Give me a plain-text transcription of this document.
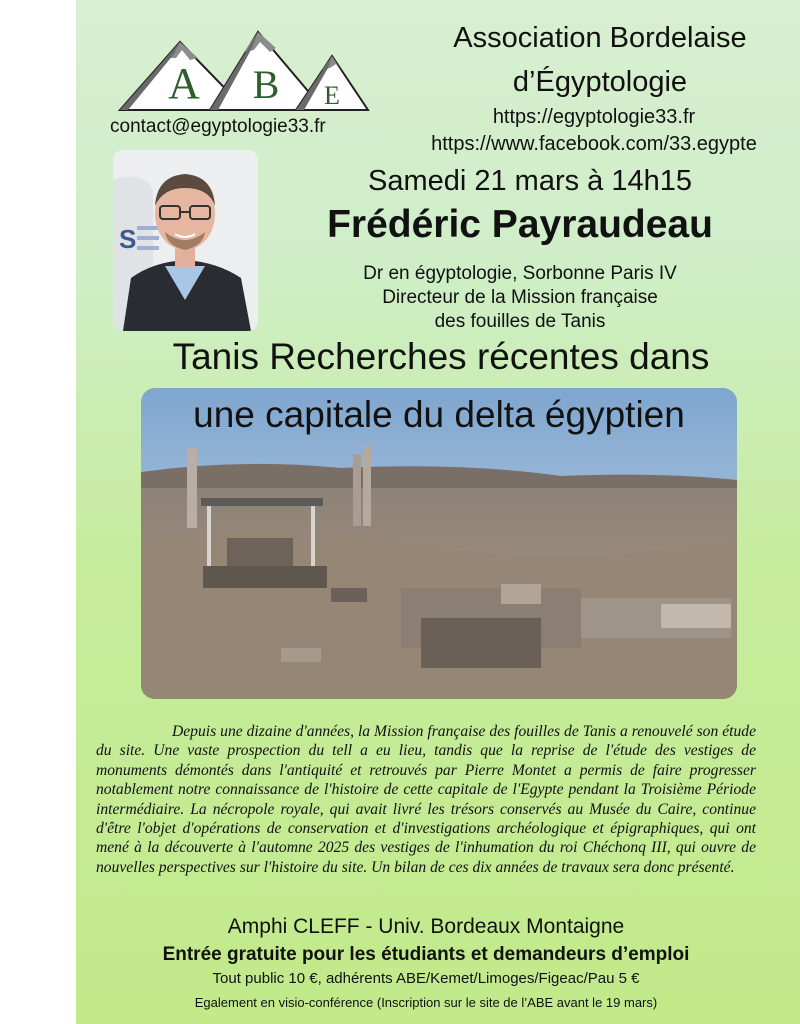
A B E
contact@egyptologie33.fr
Association Bordelaise
d’Égyptologie
https://egyptologie33.fr
https://www.facebook.com/33.egypte
S
Samedi 21 mars à 14h15
Frédéric Payraudeau
Dr en égyptologie, Sorbonne Paris IV
Directeur de la Mission française
des fouilles de Tanis
Tanis Recherches récentes dans
une capitale du delta égyptien
Depuis une dizaine d'années, la Mission française des fouilles de Tanis a renouvelé son étude du site. Une vaste prospection du tell a eu lieu, tandis que la reprise de l'étude des vestiges de monuments démontés dans l'antiquité et retrouvés par Pierre Montet a permis de faire progresser notablement notre connaissance de l'histoire de cette capitale de l'Egypte pendant la Troisième Période intermédiaire. La nécropole royale, qui avait livré les trésors conservés au Musée du Caire, continue d'être l'objet d'opérations de conservation et d'investigations archéologique et épigraphiques, qui ont mené à la découverte à l'automne 2025 des vestiges de l'inhumation du roi Chéchonq III, qui ouvre de nouvelles perspectives sur l'histoire du site. Un bilan de ces dix années de travaux sera donc présenté.
Amphi CLEFF - Univ. Bordeaux Montaigne
Entrée gratuite pour les étudiants et demandeurs d’emploi
Tout public 10 €, adhérents ABE/Kemet/Limoges/Figeac/Pau 5 €
Egalement en visio-conférence (Inscription sur le site de l’ABE avant le 19 mars)
